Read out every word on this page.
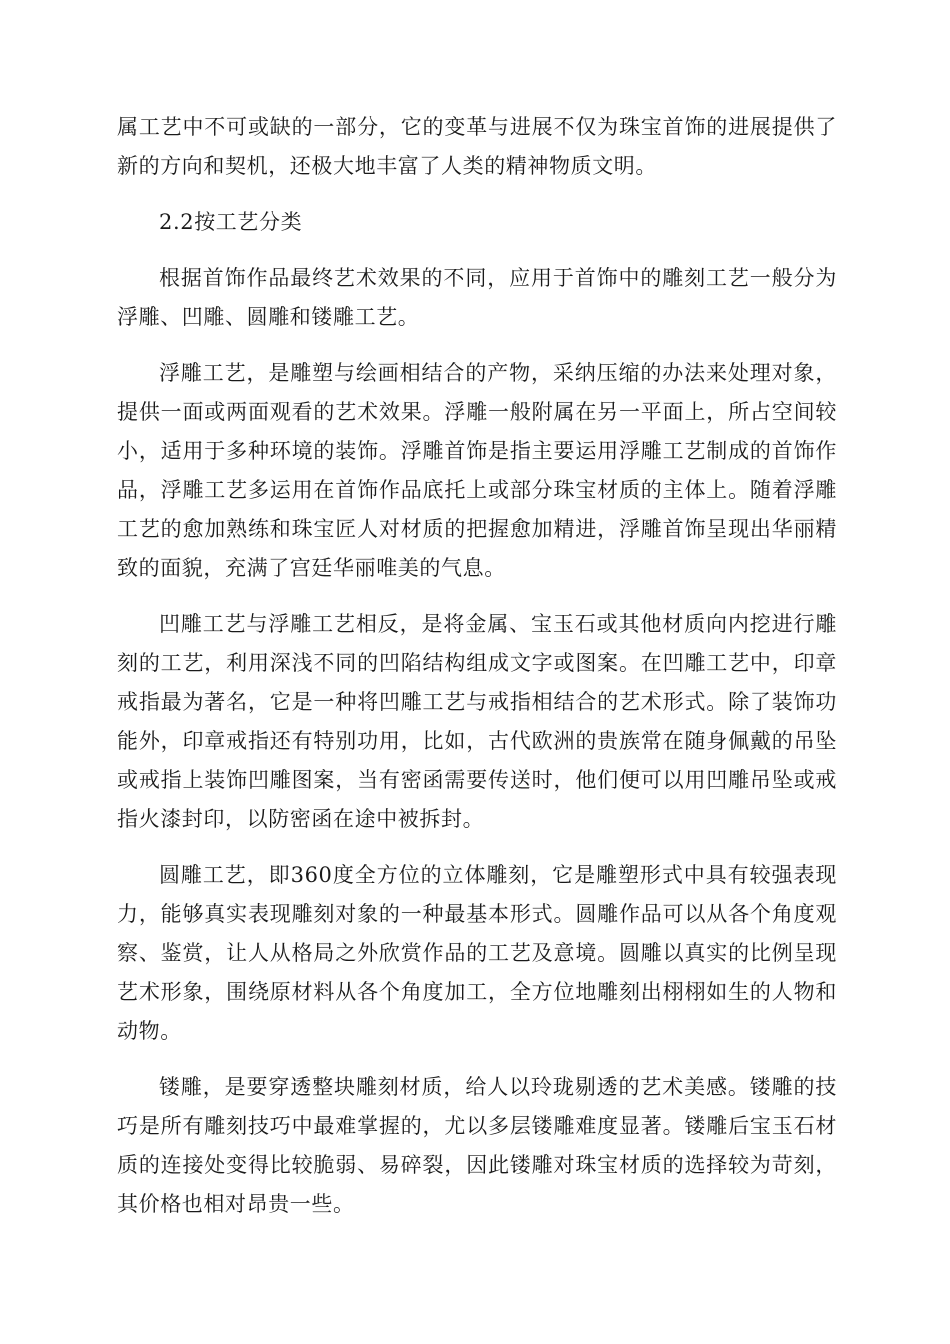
属工艺中不可或缺的一部分，它的变革与进展不仅为珠宝首饰的进展提供了新的方向和契机，还极大地丰富了人类的精神物质文明。

2.2按工艺分类

根据首饰作品最终艺术效果的不同，应用于首饰中的雕刻工艺一般分为浮雕、凹雕、圆雕和镂雕工艺。

浮雕工艺，是雕塑与绘画相结合的产物，采纳压缩的办法来处理对象，提供一面或两面观看的艺术效果。浮雕一般附属在另一平面上，所占空间较小，适用于多种环境的装饰。浮雕首饰是指主要运用浮雕工艺制成的首饰作品，浮雕工艺多运用在首饰作品底托上或部分珠宝材质的主体上。随着浮雕工艺的愈加熟练和珠宝匠人对材质的把握愈加精进，浮雕首饰呈现出华丽精致的面貌，充满了宫廷华丽唯美的气息。

凹雕工艺与浮雕工艺相反，是将金属、宝玉石或其他材质向内挖进行雕刻的工艺，利用深浅不同的凹陷结构组成文字或图案。在凹雕工艺中，印章戒指最为著名，它是一种将凹雕工艺与戒指相结合的艺术形式。除了装饰功能外，印章戒指还有特别功用，比如，古代欧洲的贵族常在随身佩戴的吊坠或戒指上装饰凹雕图案，当有密函需要传送时，他们便可以用凹雕吊坠或戒指火漆封印，以防密函在途中被拆封。

圆雕工艺，即360度全方位的立体雕刻，它是雕塑形式中具有较强表现力，能够真实表现雕刻对象的一种最基本形式。圆雕作品可以从各个角度观察、鉴赏，让人从格局之外欣赏作品的工艺及意境。圆雕以真实的比例呈现艺术形象，围绕原材料从各个角度加工，全方位地雕刻出栩栩如生的人物和动物。

镂雕，是要穿透整块雕刻材质，给人以玲珑剔透的艺术美感。镂雕的技巧是所有雕刻技巧中最难掌握的，尤以多层镂雕难度显著。镂雕后宝玉石材质的连接处变得比较脆弱、易碎裂，因此镂雕对珠宝材质的选择较为苛刻，其价格也相对昂贵一些。
